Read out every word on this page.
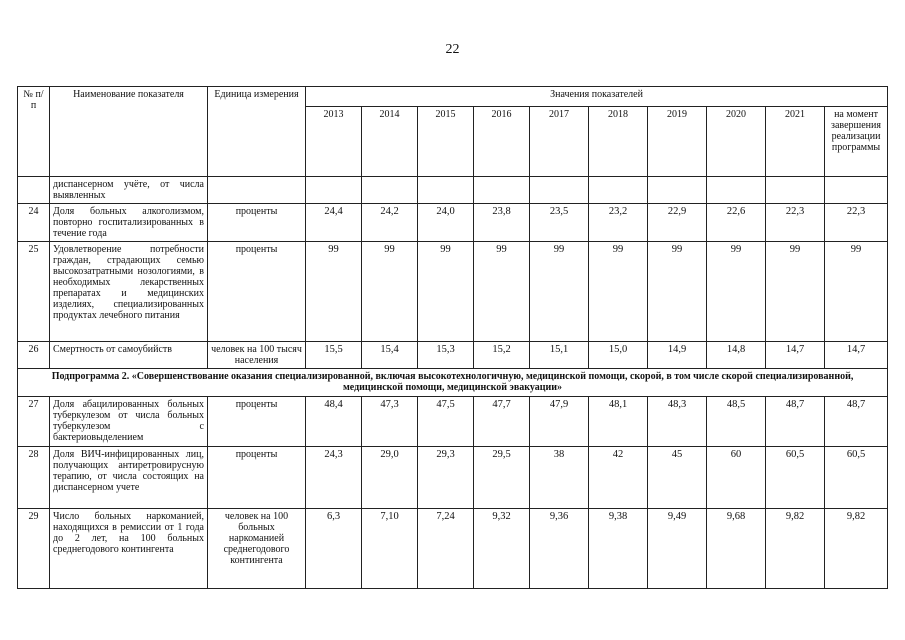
22
№ п/п	Наименование показателя	Единица измерения	Значения показателей									
			2013	2014	2015	2016	2017	2018	2019	2020	2021	на момент завершения реализации программы
	диспансерном учёте, от числа выявленных											
24	Доля больных алкоголизмом, повторно госпитализированных в течение года	проценты	24,4	24,2	24,0	23,8	23,5	23,2	22,9	22,6	22,3	22,3
25	Удовлетворение потребности граждан, страдающих семью высокозатратными нозологиями, в необходимых лекарственных препаратах и медицинских изделиях, специализированных продуктах лечебного питания	проценты	99	99	99	99	99	99	99	99	99	99
26	Смертность от самоубийств	человек на 100 тысяч населения	15,5	15,4	15,3	15,2	15,1	15,0	14,9	14,8	14,7	14,7
Подпрограмма 2. «Совершенствование оказания специализированной, включая высокотехнологичную, медицинской помощи, скорой, в том числе скорой специализированной, медицинской помощи, медицинской эвакуации»												
27	Доля абацилированных больных туберкулезом от числа больных туберкулезом с бактериовыделением	проценты	48,4	47,3	47,5	47,7	47,9	48,1	48,3	48,5	48,7	48,7
28	Доля ВИЧ-инфицированных лиц, получающих антиретровирусную терапию, от числа состоящих на диспансерном учете	проценты	24,3	29,0	29,3	29,5	38	42	45	60	60,5	60,5
29	Число больных наркоманией, находящихся в ремиссии от 1 года до 2 лет, на 100 больных среднегодового контингента	человек на 100 больных наркоманией среднегодового контингента	6,3	7,10	7,24	9,32	9,36	9,38	9,49	9,68	9,82	9,82
